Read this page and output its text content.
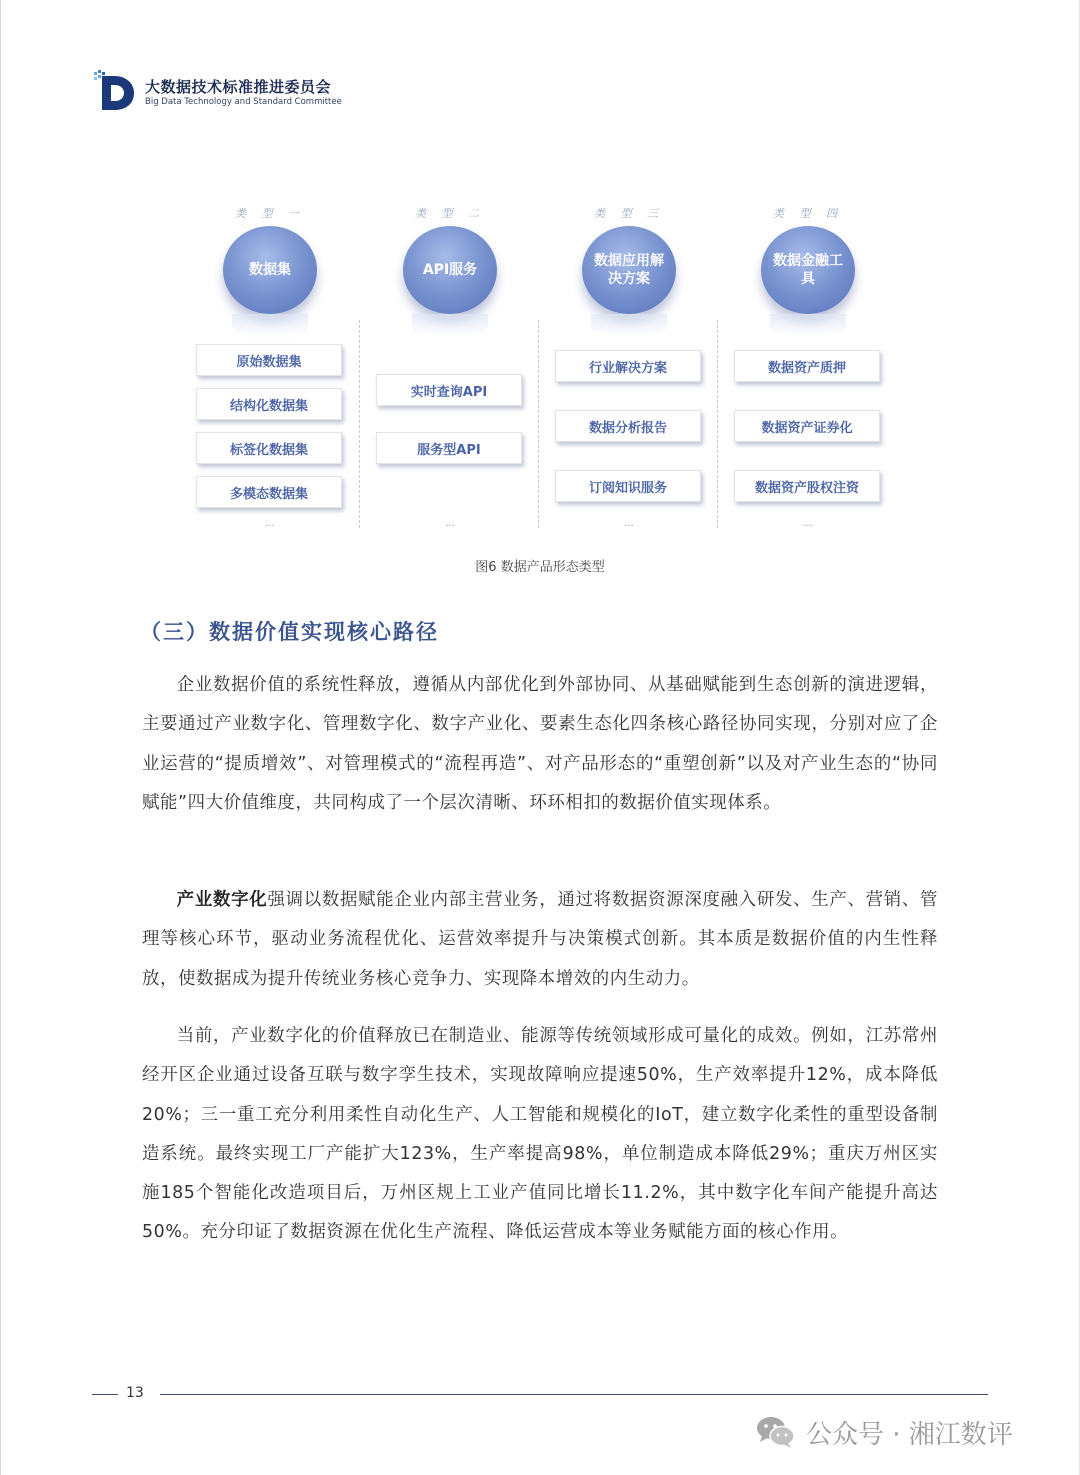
大数据技术标准推进委员会
Big Data Technology and Standard Committee
类 型 一
数据集
原始数据集
结构化数据集
标签化数据集
多模态数据集
...
类 型 二
API服务
实时查询API
服务型API
...
类 型 三
数据应用解决方案
行业解决方案
数据分析报告
订阅知识服务
...
类 型 四
数据金融工具
数据资产质押
数据资产证券化
数据资产股权注资
...
图6 数据产品形态类型
（三）数据价值实现核心路径

企业数据价值的系统性释放，遵循从内部优化到外部协同、从基础赋能到生态创新的演进逻辑，主要通过产业数字化、管理数字化、数字产业化、要素生态化四条核心路径协同实现，分别对应了企业运营的“提质增效”、对管理模式的“流程再造”、对产品形态的“重塑创新”以及对产业生态的“协同赋能”四大价值维度，共同构成了一个层次清晰、环环相扣的数据价值实现体系。

产业数字化强调以数据赋能企业内部主营业务，通过将数据资源深度融入研发、生产、营销、管理等核心环节，驱动业务流程优化、运营效率提升与决策模式创新。其本质是数据价值的内生性释放，使数据成为提升传统业务核心竞争力、实现降本增效的内生动力。

当前，产业数字化的价值释放已在制造业、能源等传统领域形成可量化的成效。例如，江苏常州经开区企业通过设备互联与数字孪生技术，实现故障响应提速50%，生产效率提升12%，成本降低20%；三一重工充分利用柔性自动化生产、人工智能和规模化的IoT，建立数字化柔性的重型设备制造系统。最终实现工厂产能扩大123%，生产率提高98%，单位制造成本降低29%；重庆万州区实施185个智能化改造项目后，万州区规上工业产值同比增长11.2%，其中数字化车间产能提升高达50%。充分印证了数据资源在优化生产流程、降低运营成本等业务赋能方面的核心作用。

13
公众号 · 湘江数评
